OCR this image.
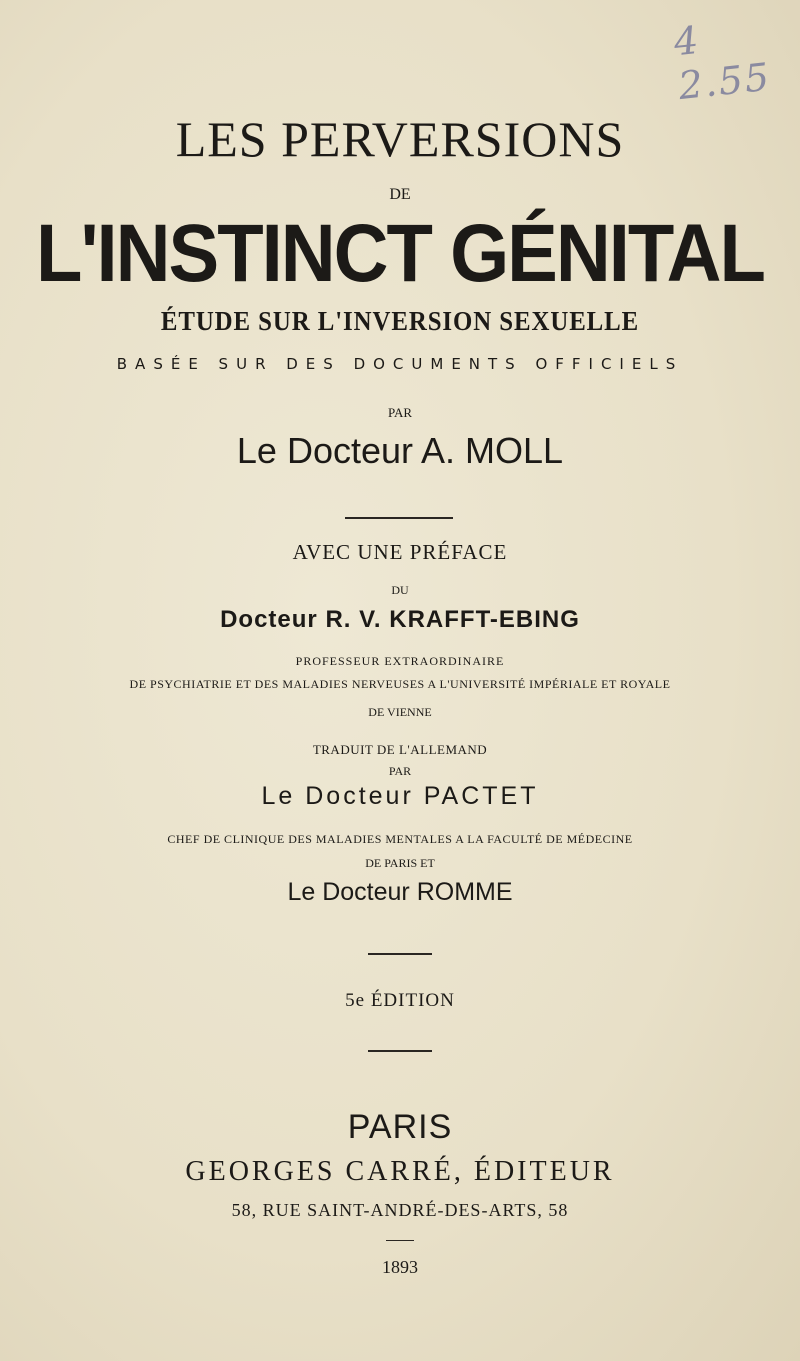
4 2.55
LES PERVERSIONS
DE
L'INSTINCT GÉNITAL
ÉTUDE SUR L'INVERSION SEXUELLE
BASÉE SUR DES DOCUMENTS OFFICIELS
PAR
Le Docteur A. MOLL
AVEC UNE PRÉFACE
DU
Docteur R. V. KRAFFT-EBING
PROFESSEUR EXTRAORDINAIRE
DE PSYCHIATRIE ET DES MALADIES NERVEUSES A L'UNIVERSITÉ IMPÉRIALE ET ROYALE
DE VIENNE
TRADUIT DE L'ALLEMAND
PAR
Le Docteur PACTET
CHEF DE CLINIQUE DES MALADIES MENTALES A LA FACULTÉ DE MÉDECINE
DE PARIS ET
Le Docteur ROMME
5e ÉDITION
PARIS
GEORGES CARRÉ, ÉDITEUR
58, RUE SAINT-ANDRÉ-DES-ARTS, 58
1893
